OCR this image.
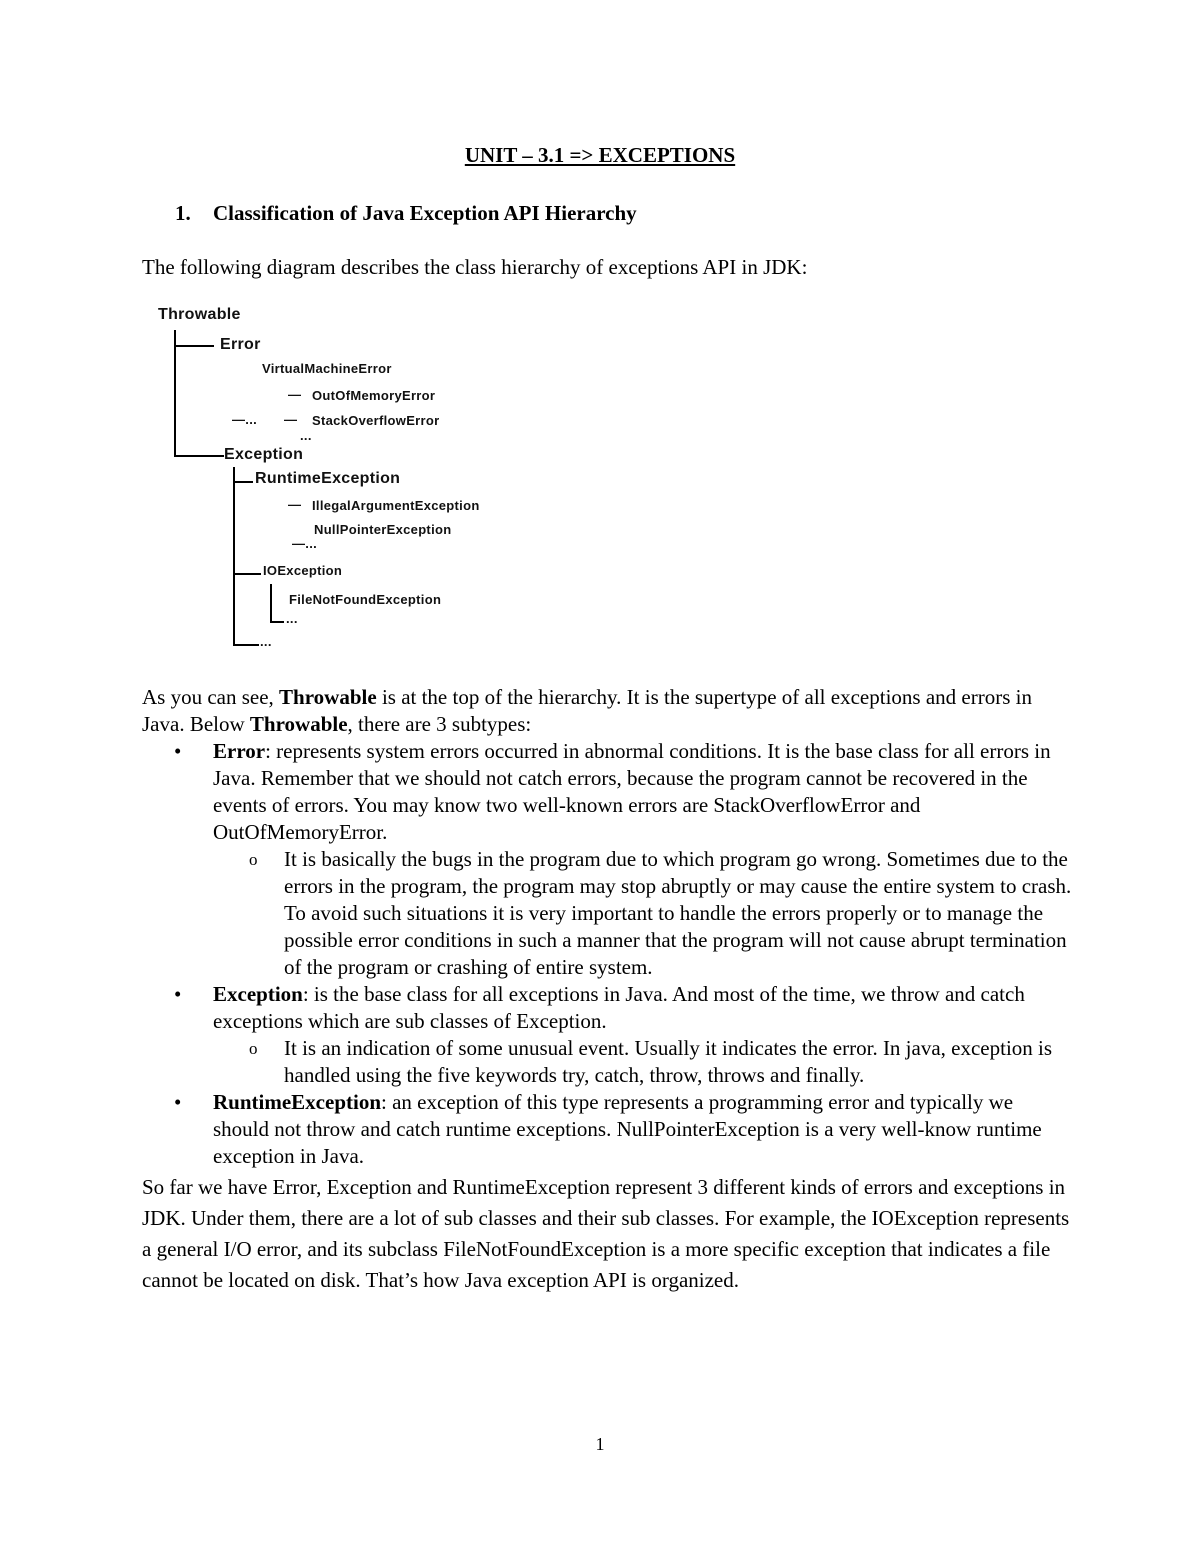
UNIT – 3.1 => EXCEPTIONS
1. Classification of Java Exception API Hierarchy
The following diagram describes the class hierarchy of exceptions API in JDK:
Throwable
Error
VirtualMachineError
— OutOfMemoryError
—... — StackOverflowError
...
Exception
RuntimeException
— IllegalArgumentException
NullPointerException
—...
IOException
FileNotFoundException
...
...

As you can see, Throwable is at the top of the hierarchy. It is the supertype of all exceptions and errors in Java. Below Throwable, there are 3 subtypes:

• Error: represents system errors occurred in abnormal conditions. It is the base class for all errors in Java. Remember that we should not catch errors, because the program cannot be recovered in the events of errors. You may know two well-known errors are StackOverflowError and OutOfMemoryError.
o It is basically the bugs in the program due to which program go wrong. Sometimes due to the errors in the program, the program may stop abruptly or may cause the entire system to crash. To avoid such situations it is very important to handle the errors properly or to manage the possible error conditions in such a manner that the program will not cause abrupt termination of the program or crashing of entire system.
• Exception: is the base class for all exceptions in Java. And most of the time, we throw and catch exceptions which are sub classes of Exception.
o It is an indication of some unusual event. Usually it indicates the error. In java, exception is handled using the five keywords try, catch, throw, throws and finally.
• RuntimeException: an exception of this type represents a programming error and typically we should not throw and catch runtime exceptions. NullPointerException is a very well-know runtime exception in Java.

So far we have Error, Exception and RuntimeException represent 3 different kinds of errors and exceptions in JDK. Under them, there are a lot of sub classes and their sub classes. For example, the IOException represents a general I/O error, and its subclass FileNotFoundException is a more specific exception that indicates a file cannot be located on disk. That’s how Java exception API is organized.

1
